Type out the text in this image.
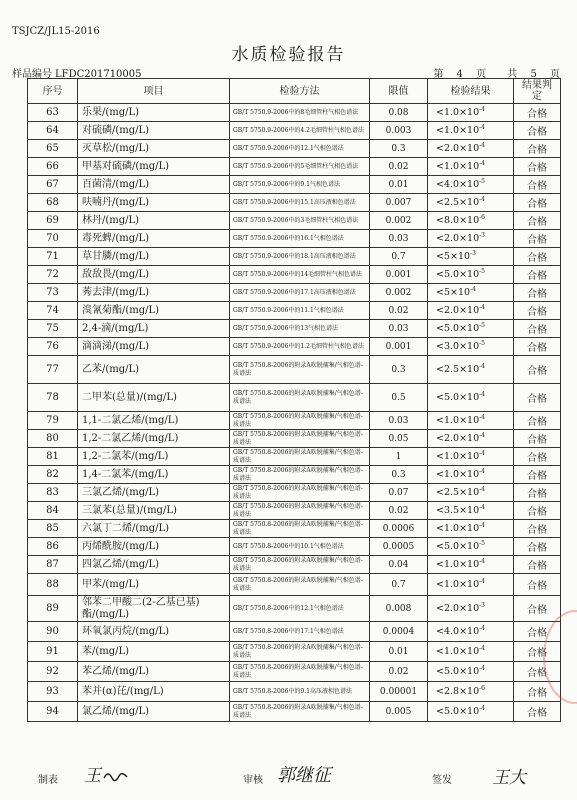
TSJCZ/JL15-2016
水质检验报告
样品编号 LFDC201710005	第 4 页 共 5 页
序号	项目	检验方法	限值	检验结果	结果判定
63	乐果/(mg/L)	GB/T 5750.9-2006中的8毛细管柱气相色谱法	0.08	$<1.0\times 10^{-4}$	合格
64	对硫磷/(mg/L)	GB/T 5750.9-2006中的4.2毛细管柱气相色谱法	0.003	$<1.0\times 10^{-4}$	合格
65	灭草松/(mg/L)	GB/T 5750.9-2006中的12.1气相色谱法	0.3	$<2.0\times 10^{-4}$	合格
66	甲基对硫磷/(mg/L)	GB/T 5750.9-2006中的5毛细管柱气相色谱法	0.02	$<1.0\times 10^{-4}$	合格
67	百菌清/(mg/L)	GB/T 5750.9-2006中的9.1气相色谱法	0.01	$<4.0\times 10^{-5}$	合格
68	呋喃丹/(mg/L)	GB/T 5750.9-2006中的15.1高压液相色谱法	0.007	$<2.5\times 10^{-4}$	合格
69	林丹/(mg/L)	GB/T 5750.9-2006中的3毛细管柱气相色谱法	0.002	$<8.0\times 10^{-6}$	合格
70	毒死蜱/(mg/L)	GB/T 5750.9-2006中的16.1气相色谱法	0.03	$<2.0\times 10^{-3}$	合格
71	草甘膦/(mg/L)	GB/T 5750.9-2006中的18.1高压液相色谱法	0.7	$<5\times 10^{-3}$	合格
72	敌敌畏/(mg/L)	GB/T 5750.9-2006中的14毛细管柱气相色谱法	0.001	$<5.0\times 10^{-5}$	合格
73	莠去津/(mg/L)	GB/T 5750.9-2006中的17.1高压液相色谱法	0.002	$<5\times 10^{-4}$	合格
74	溴氰菊酯/(mg/L)	GB/T 5750.9-2006中的11.1气相色谱法	0.02	$<2.0\times 10^{-4}$	合格
75	2,4-滴/(mg/L)	GB/T 5750.9-2006中的13气相色谱法	0.03	$<5.0\times 10^{-5}$	合格
76	滴滴涕/(mg/L)	GB/T 5750.9-2006中的1.2毛细管柱气相色谱法	0.001	$<3.0\times 10^{-5}$	合格
77	乙苯/(mg/L)	GB/T 5750.8-2006的附录A吹脱捕集/气相色谱-质谱法	0.3	$<2.5\times 10^{-4}$	合格
78	二甲苯(总量)/(mg/L)	GB/T 5750.8-2006的附录A吹脱捕集/气相色谱-质谱法	0.5	$<5.0\times 10^{-4}$	合格
79	1,1-二氯乙烯/(mg/L)	GB/T 5750.8-2006的附录A吹脱捕集/气相色谱-质谱法	0.03	$<1.0\times 10^{-4}$	合格
80	1,2-二氯乙烯/(mg/L)	GB/T 5750.8-2006的附录A吹脱捕集/气相色谱-质谱法	0.05	$<2.0\times 10^{-4}$	合格
81	1,2-二氯苯/(mg/L)	GB/T 5750.8-2006的附录A吹脱捕集/气相色谱-质谱法	1	$<1.0\times 10^{-4}$	合格
82	1,4-二氯苯/(mg/L)	GB/T 5750.8-2006的附录A吹脱捕集/气相色谱-质谱法	0.3	$<1.0\times 10^{-4}$	合格
83	三氯乙烯/(mg/L)	GB/T 5750.8-2006的附录A吹脱捕集/气相色谱-质谱法	0.07	$<2.5\times 10^{-4}$	合格
84	三氯苯(总量)/(mg/L)	GB/T 5750.8-2006的附录A吹脱捕集/气相色谱-质谱法	0.02	$<3.5\times 10^{-4}$	合格
85	六氯丁二烯/(mg/L)	GB/T 5750.8-2006的附录A吹脱捕集/气相色谱-质谱法	0.0006	$<1.0\times 10^{-4}$	合格
86	丙烯酰胺/(mg/L)	GB/T 5750.8-2006中的10.1气相色谱法	0.0005	$<5.0\times 10^{-5}$	合格
87	四氯乙烯/(mg/L)	GB/T 5750.8-2006的附录A吹脱捕集/气相色谱-质谱法	0.04	$<1.0\times 10^{-4}$	合格
88	甲苯/(mg/L)	GB/T 5750.8-2006的附录A吹脱捕集/气相色谱-质谱法	0.7	$<1.0\times 10^{-4}$	合格
89	邻苯二甲酸二(2-乙基已基)酯/(mg/L)	GB/T 5750.8-2006中的12.1气相色谱法	0.008	$<2.0\times 10^{-3}$	合格
90	环氧氯丙烷/(mg/L)	GB/T 5750.8-2006中的17.1气相色谱法	0.0004	$<4.0\times 10^{-4}$	合格
91	苯/(mg/L)	GB/T 5750.8-2006的附录A吹脱捕集/气相色谱-质谱法	0.01	$<1.0\times 10^{-4}$	合格
92	苯乙烯/(mg/L)	GB/T 5750.8-2006的附录A吹脱捕集/气相色谱-质谱法	0.02	$<5.0\times 10^{-4}$	合格
93	苯并(α)芘/(mg/L)	GB/T 5750.8-2006中的9.1高压液相色谱法	0.00001	$<2.8\times 10^{-6}$	合格
94	氯乙烯/(mg/L)	GB/T 5750.8-2006的附录A吹脱捕集/气相色谱-质谱法	0.005	$<5.0\times 10^{-4}$	合格
制表 王	审核 郭继征	签发 王大
